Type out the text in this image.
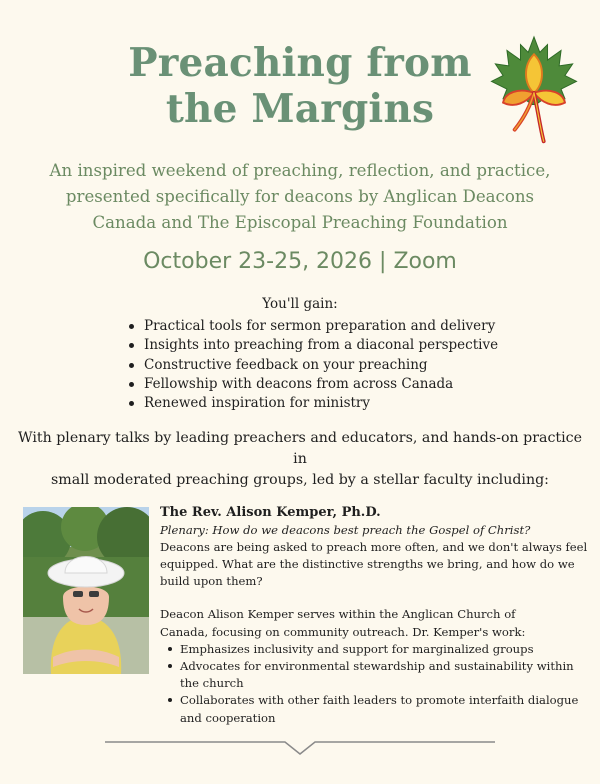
Preaching from
the Margins

An inspired weekend of preaching, reflection, and practice,
presented specifically for deacons by Anglican Deacons
Canada and The Episcopal Preaching Foundation

October 23-25, 2026 | Zoom

You'll gain:

Practical tools for sermon preparation and delivery
Insights into preaching from a diaconal perspective
Constructive feedback on your preaching
Fellowship with deacons from across Canada
Renewed inspiration for ministry

With plenary talks by leading preachers and educators, and hands-on practice in
small moderated preaching groups, led by a stellar faculty including:

The Rev. Alison Kemper, Ph.D.

Plenary: How do we deacons best preach the Gospel of Christ?

Deacons are being asked to preach more often, and we don't always feel
equipped. What are the distinctive strengths we bring, and how do we
build upon them?

Deacon Alison Kemper serves within the Anglican Church of
Canada, focusing on community outreach. Dr. Kemper's work:

Emphasizes inclusivity and support for marginalized groups
Advocates for environmental stewardship and sustainability within
the church
Collaborates with other faith leaders to promote interfaith dialogue
and cooperation
